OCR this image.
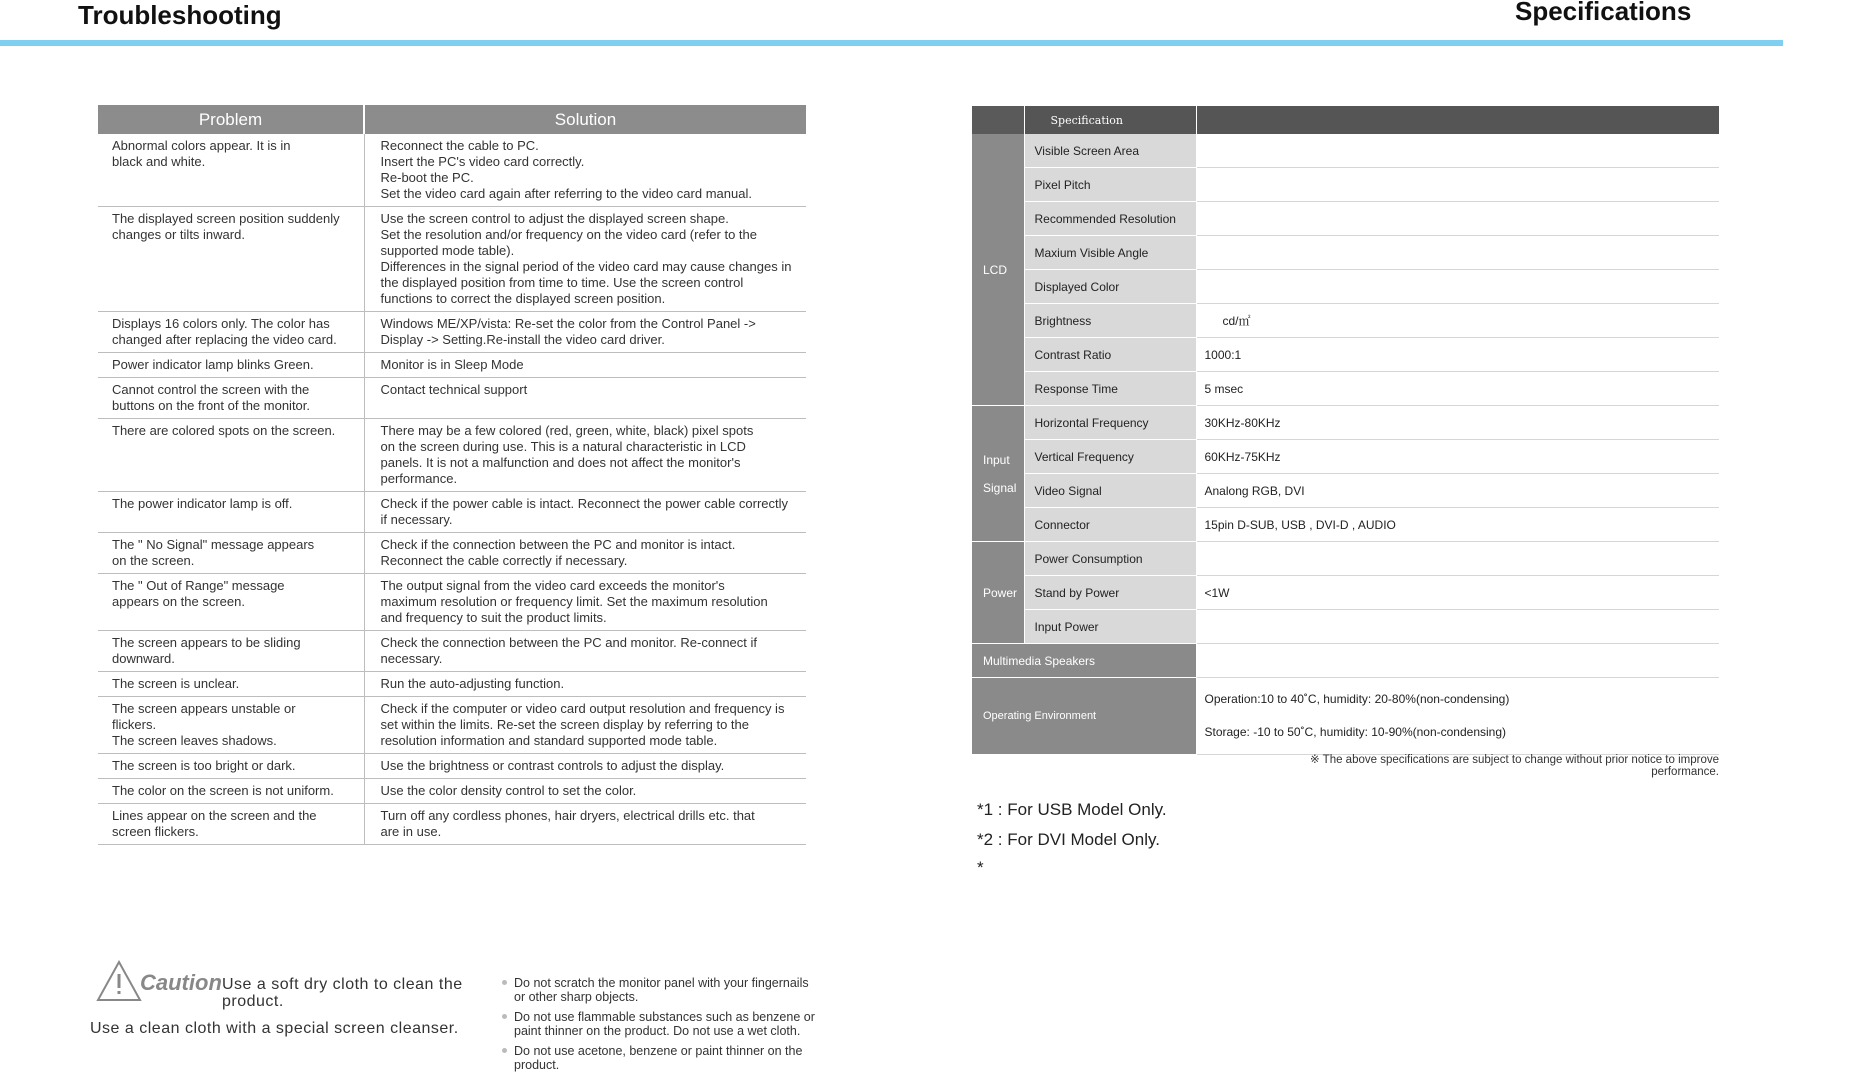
Troubleshooting	Specifications
Problem	Solution
Abnormal colors appear. It is in
black and white.	Reconnect the cable to PC.
Insert the PC's video card correctly.
Re-boot the PC.
Set the video card again after referring to the video card manual.
The displayed screen position suddenly
changes or tilts inward.	Use the screen control to adjust the displayed screen shape.
Set the resolution and/or frequency on the video card (refer to the supported mode table).
Differences in the signal period of the video card may cause changes in the displayed position from time to time. Use the screen control functions to correct the displayed screen position.
Displays 16 colors only. The color has
changed after replacing the video card.	Windows ME/XP/vista: Re-set the color from the Control Panel ->
Display -> Setting.Re-install the video card driver.
Power indicator lamp blinks Green.	Monitor is in Sleep Mode
Cannot control the screen with the
buttons on the front of the monitor.	Contact technical support
There are colored spots on the screen.	There may be a few colored (red, green, white, black) pixel spots
on the screen during use. This is a natural characteristic in LCD
panels. It is not a malfunction and does not affect the monitor's
performance.
The power indicator lamp is off.	Check if the power cable is intact. Reconnect the power cable correctly
if necessary.
The " No Signal" message appears
on the screen.	Check if the connection between the PC and monitor is intact.
Reconnect the cable correctly if necessary.
The " Out of Range" message
appears on the screen.	The output signal from the video card exceeds the monitor's
maximum resolution or frequency limit. Set the maximum resolution
and frequency to suit the product limits.
The screen appears to be sliding
downward.	Check the connection between the PC and monitor. Re-connect if
necessary.
The screen is unclear.	Run the auto-adjusting function.
The screen appears unstable or
flickers.
The screen leaves shadows.	Check if the computer or video card output resolution and frequency is set within the limits. Re-set the screen display by referring to the resolution information and standard supported mode table.
The screen is too bright or dark.	Use the brightness or contrast controls to adjust the display.
The color on the screen is not uniform.	Use the color density control to set the color.
Lines appear on the screen and the
screen flickers.	Turn off any cordless phones, hair dryers, electrical drills etc. that
are in use.
Caution Use a soft dry cloth to clean the product.
Use a clean cloth with a special screen cleanser.
Do not scratch the monitor panel with your fingernails or other sharp objects.
Do not use flammable substances such as benzene or paint thinner on the product. Do not use a wet cloth.
Do not use acetone, benzene or paint thinner on the product.
	Specification	
LCD	Visible Screen Area	
	Pixel Pitch	
	Recommended Resolution	
	Maxium Visible Angle	
	Displayed Color	
	Brightness	cd/㎡
	Contrast Ratio	1000:1
	Response Time	5 msec
Input

Signal	Horizontal Frequency	30KHz-80KHz
	Vertical Frequency	60KHz-75KHz
	Video Signal	Analong RGB, DVI
	Connector	15pin D-SUB, USB , DVI-D , AUDIO
Power	Power Consumption	
	Stand by Power	<1W
	Input Power	
Multimedia Speakers		
Operating Environment		Operation:10 to 40˚C, humidity: 20-80%(non-condensing)
Storage: -10 to 50˚C, humidity: 10-90%(non-condensing)
※ The above specifications are subject to change without prior notice to improve performance.
*1 : For USB Model Only.
*2 : For DVI Model Only.
*
